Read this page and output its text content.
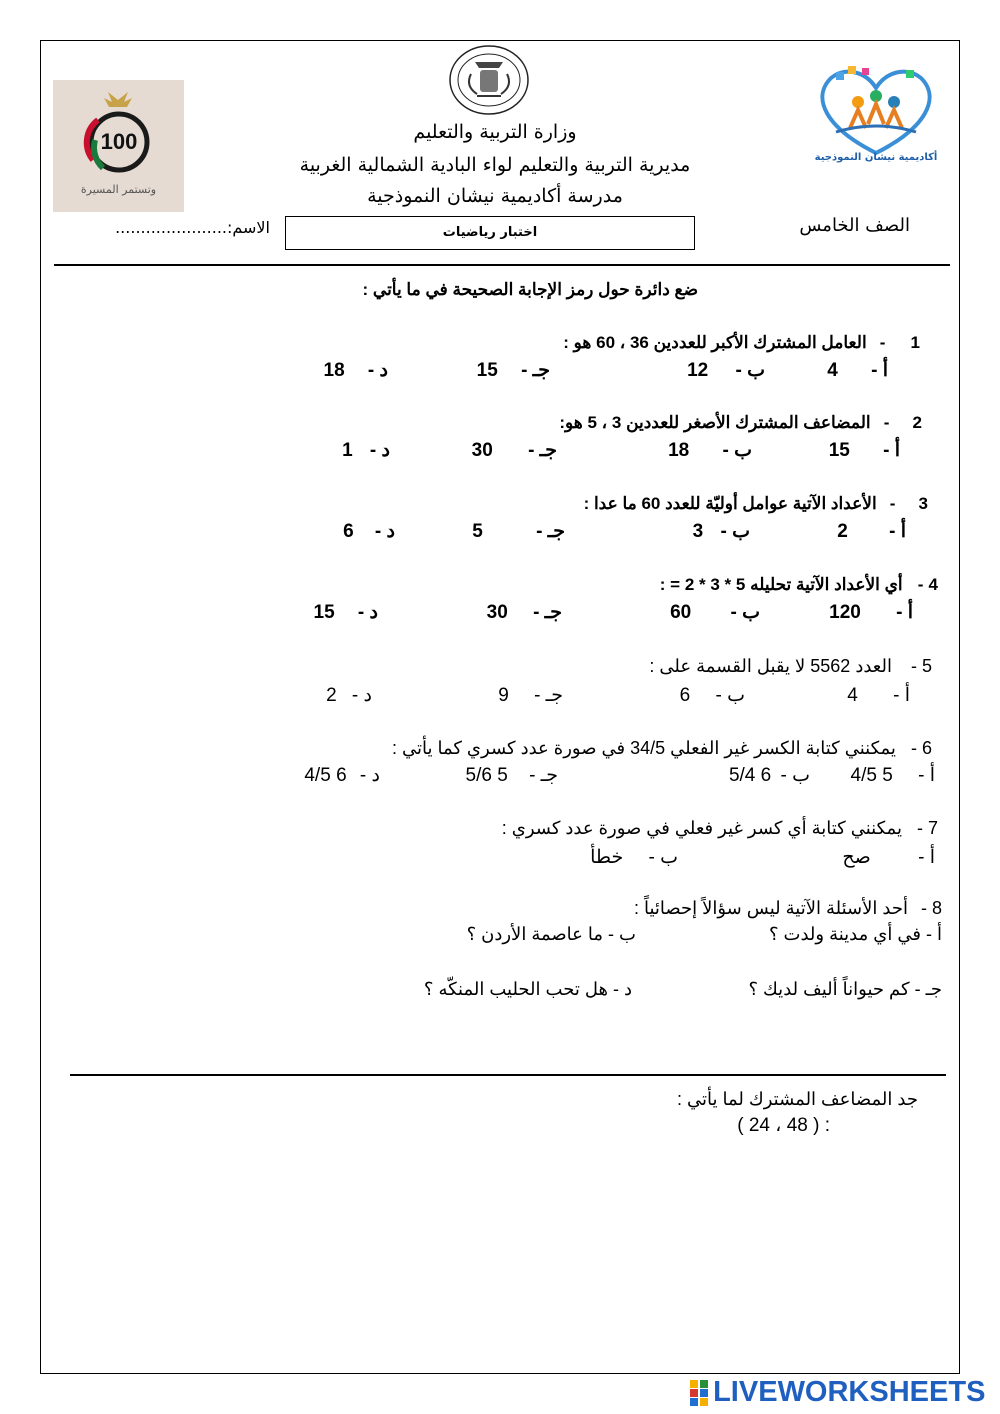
100
وتستمر المسيرة
أكاديمية نيشان النموذجية
وزارة التربية والتعليم
مديرية التربية والتعليم لواء البادية الشمالية الغربية
مدرسة أكاديمية نيشان النموذجية
الصف الخامس
اختبار رياضيات
الاسم:......................
ضع دائرة حول رمز الإجابة الصحيحة في ما يأتي :
1 - العامل المشترك الأكبر للعددين 36 ، 60 هو :
أ - 4
ب - 12
جـ - 15
د - 18
2 - المضاعف المشترك الأصغر للعددين 3 ، 5 هو:
أ - 15
ب - 18
جـ - 30
د - 1
3 - الأعداد الآتية عوامل أوليّة للعدد 60 ما عدا :
أ - 2
ب - 3
جـ - 5
د - 6
4 - أي الأعداد الآتية تحليله 5 * 3 * 2 = :
أ - 120
ب - 60
جـ - 30
د - 15
5 - العدد 5562 لا يقبل القسمة على :
أ - 4
ب - 6
جـ - 9
د - 2
6 - يمكنني كتابة الكسر غير الفعلي 34/5 في صورة عدد كسري كما يأتي :
أ - 5 4/5
ب - 6 5/4
جـ - 5 5/6
د - 6 4/5
7 - يمكنني كتابة أي كسر غير فعلي في صورة عدد كسري :
أ - صح
ب - خطأ
8 - أحد الأسئلة الآتية ليس سؤالاً إحصائياً :
أ - في أي مدينة ولدت ؟
ب - ما عاصمة الأردن ؟
جـ - كم حيواناً أليف لديك ؟
د - هل تحب الحليب المنكّه ؟
جد المضاعف المشترك لما يأتي :
: ( 48 ، 24 )
LIVEWORKSHEETS
